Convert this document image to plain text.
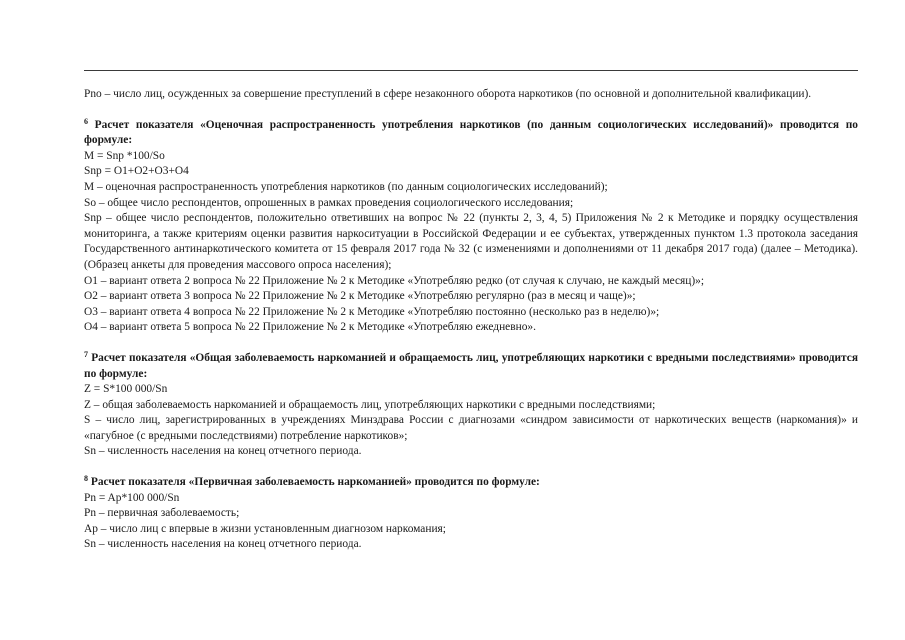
Pno – число лиц, осужденных за совершение преступлений в сфере незаконного оборота наркотиков (по основной и дополнительной квалификации).

$^6$ Расчет показателя «Оценочная распространенность употребления наркотиков (по данным социологических исследований)» проводится по формуле:

M = Snp *100/So

Snp = O1+O2+O3+O4

M – оценочная распространенность употребления наркотиков (по данным социологических исследований);

So – общее число респондентов, опрошенных в рамках проведения социологического исследования;

Snp – общее число респондентов, положительно ответивших на вопрос № 22 (пункты 2, 3, 4, 5) Приложения № 2 к Методике и порядку осуществления мониторинга, а также критериям оценки развития наркоситуации в Российской Федерации и ее субъектах, утвержденных пунктом 1.3 протокола заседания Государственного антинаркотического комитета от 15 февраля 2017 года № 32 (с изменениями и дополнениями от 11 декабря 2017 года) (далее – Методика). (Образец анкеты для проведения массового опроса населения);

O1 – вариант ответа 2 вопроса № 22 Приложение № 2 к Методике «Употребляю редко (от случая к случаю, не каждый месяц)»;

O2 – вариант ответа 3 вопроса № 22 Приложение № 2 к Методике «Употребляю регулярно (раз в месяц и чаще)»;

O3 – вариант ответа 4 вопроса № 22 Приложение № 2 к Методике «Употребляю постоянно (несколько раз в неделю)»;

O4 – вариант ответа 5 вопроса № 22 Приложение № 2 к Методике «Употребляю ежедневно».

$^7$ Расчет показателя «Общая заболеваемость наркоманией и обращаемость лиц, употребляющих наркотики с вредными последствиями» проводится по формуле:

Z = S*100 000/Sn

Z – общая заболеваемость наркоманией и обращаемость лиц, употребляющих наркотики с вредными последствиями;

S – число лиц, зарегистрированных в учреждениях Минздрава России с диагнозами «синдром зависимости от наркотических веществ (наркомания)» и «пагубное (с вредными последствиями) потребление наркотиков»;

Sn – численность населения на конец отчетного периода.

$^8$ Расчет показателя «Первичная заболеваемость наркоманией» проводится по формуле:

Pn = Ap*100 000/Sn

Pn – первичная заболеваемость;

Ap – число лиц с впервые в жизни установленным диагнозом наркомания;

Sn – численность населения на конец отчетного периода.
